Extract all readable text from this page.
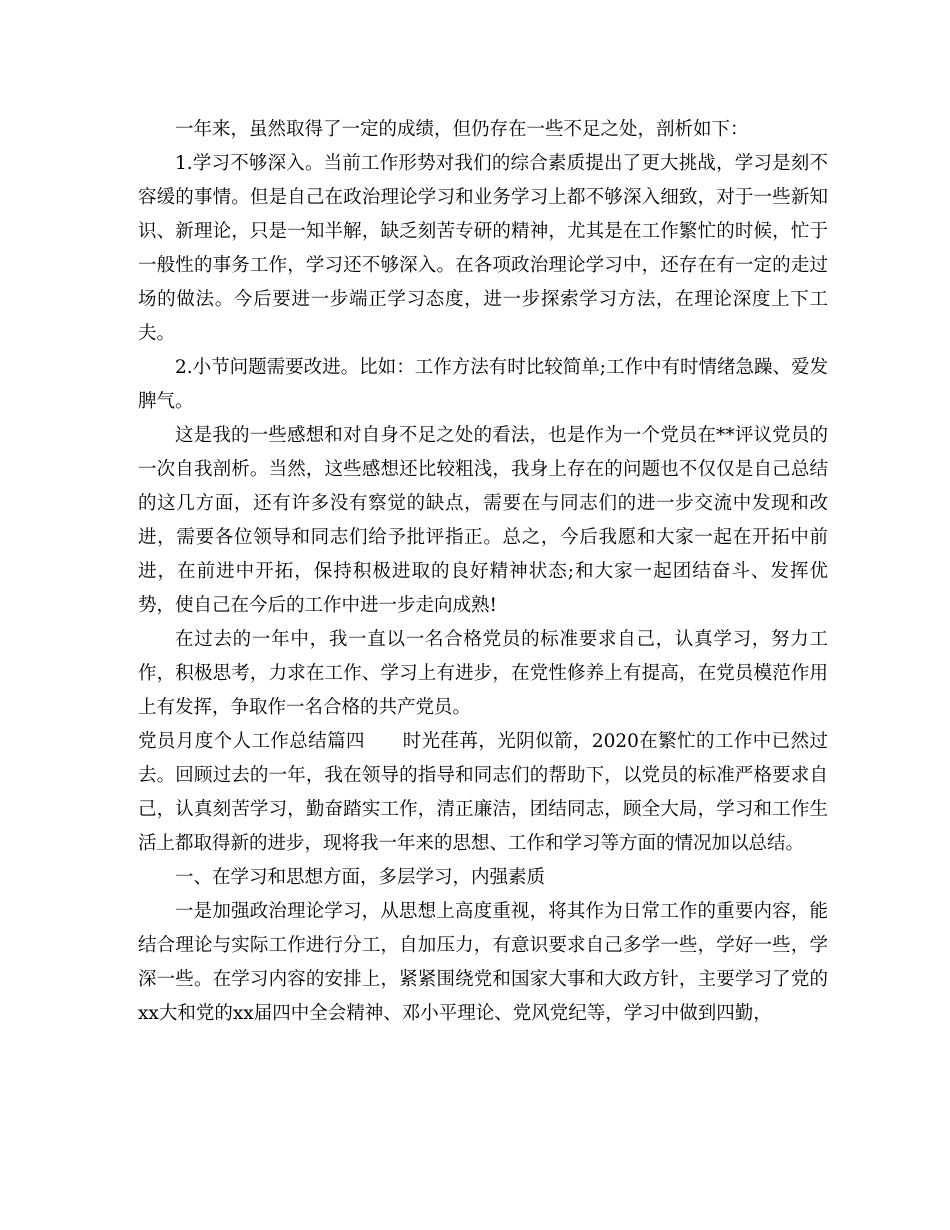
一年来，虽然取得了一定的成绩，但仍存在一些不足之处，剖析如下：

1.学习不够深入。当前工作形势对我们的综合素质提出了更大挑战，学习是刻不容缓的事情。但是自己在政治理论学习和业务学习上都不够深入细致，对于一些新知识、新理论，只是一知半解，缺乏刻苦专研的精神，尤其是在工作繁忙的时候，忙于一般性的事务工作，学习还不够深入。在各项政治理论学习中，还存在有一定的走过场的做法。今后要进一步端正学习态度，进一步探索学习方法，在理论深度上下工夫。

2.小节问题需要改进。比如：工作方法有时比较简单;工作中有时情绪急躁、爱发脾气。

这是我的一些感想和对自身不足之处的看法，也是作为一个党员在**评议党员的一次自我剖析。当然，这些感想还比较粗浅，我身上存在的问题也不仅仅是自己总结的这几方面，还有许多没有察觉的缺点，需要在与同志们的进一步交流中发现和改进，需要各位领导和同志们给予批评指正。总之，今后我愿和大家一起在开拓中前进，在前进中开拓，保持积极进取的良好精神状态;和大家一起团结奋斗、发挥优势，使自己在今后的工作中进一步走向成熟!

在过去的一年中，我一直以一名合格党员的标准要求自己，认真学习，努力工作，积极思考，力求在工作、学习上有进步，在党性修养上有提高，在党员模范作用上有发挥，争取作一名合格的共产党员。

党员月度个人工作总结篇四　　时光荏苒，光阴似箭，2020在繁忙的工作中已然过去。回顾过去的一年，我在领导的指导和同志们的帮助下，以党员的标准严格要求自己，认真刻苦学习，勤奋踏实工作，清正廉洁，团结同志，顾全大局，学习和工作生活上都取得新的进步，现将我一年来的思想、工作和学习等方面的情况加以总结。

一、在学习和思想方面，多层学习，内强素质

一是加强政治理论学习，从思想上高度重视，将其作为日常工作的重要内容，能结合理论与实际工作进行分工，自加压力，有意识要求自己多学一些，学好一些，学深一些。在学习内容的安排上，紧紧围绕党和国家大事和大政方针，主要学习了党的xx大和党的xx届四中全会精神、邓小平理论、党风党纪等，学习中做到四勤，
